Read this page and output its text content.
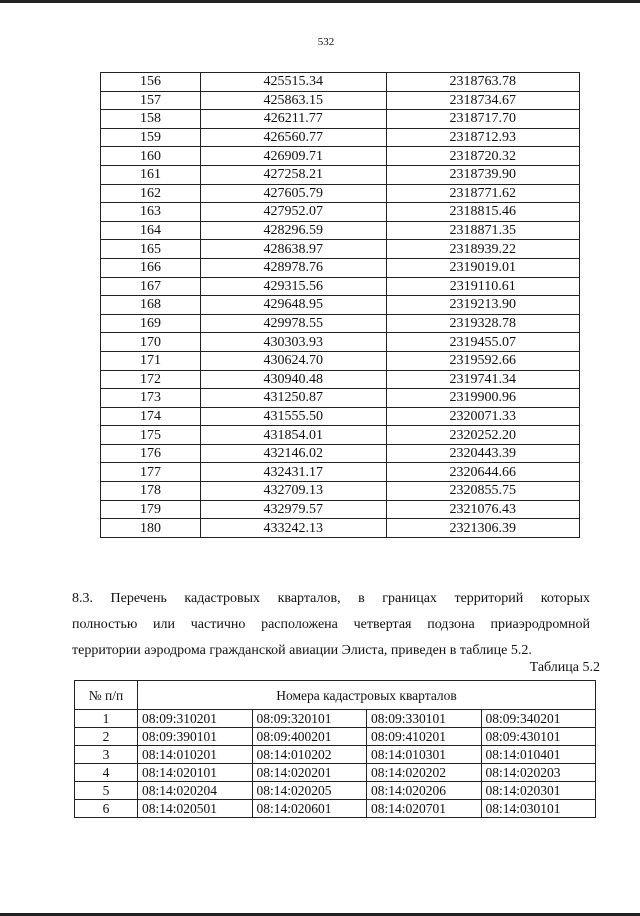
532
156	425515.34	2318763.78
157	425863.15	2318734.67
158	426211.77	2318717.70
159	426560.77	2318712.93
160	426909.71	2318720.32
161	427258.21	2318739.90
162	427605.79	2318771.62
163	427952.07	2318815.46
164	428296.59	2318871.35
165	428638.97	2318939.22
166	428978.76	2319019.01
167	429315.56	2319110.61
168	429648.95	2319213.90
169	429978.55	2319328.78
170	430303.93	2319455.07
171	430624.70	2319592.66
172	430940.48	2319741.34
173	431250.87	2319900.96
174	431555.50	2320071.33
175	431854.01	2320252.20
176	432146.02	2320443.39
177	432431.17	2320644.66
178	432709.13	2320855.75
179	432979.57	2321076.43
180	433242.13	2321306.39
8.3. Перечень кадастровых кварталов, в границах территорий которых
полностью или частично расположена четвертая подзона приаэродромной
территории аэродрома гражданской авиации Элиста, приведен в таблице 5.2.
Таблица 5.2
№ п/п	Номера кадастровых кварталов			
1	08:09:310201	08:09:320101	08:09:330101	08:09:340201
2	08:09:390101	08:09:400201	08:09:410201	08:09:430101
3	08:14:010201	08:14:010202	08:14:010301	08:14:010401
4	08:14:020101	08:14:020201	08:14:020202	08:14:020203
5	08:14:020204	08:14:020205	08:14:020206	08:14:020301
6	08:14:020501	08:14:020601	08:14:020701	08:14:030101
